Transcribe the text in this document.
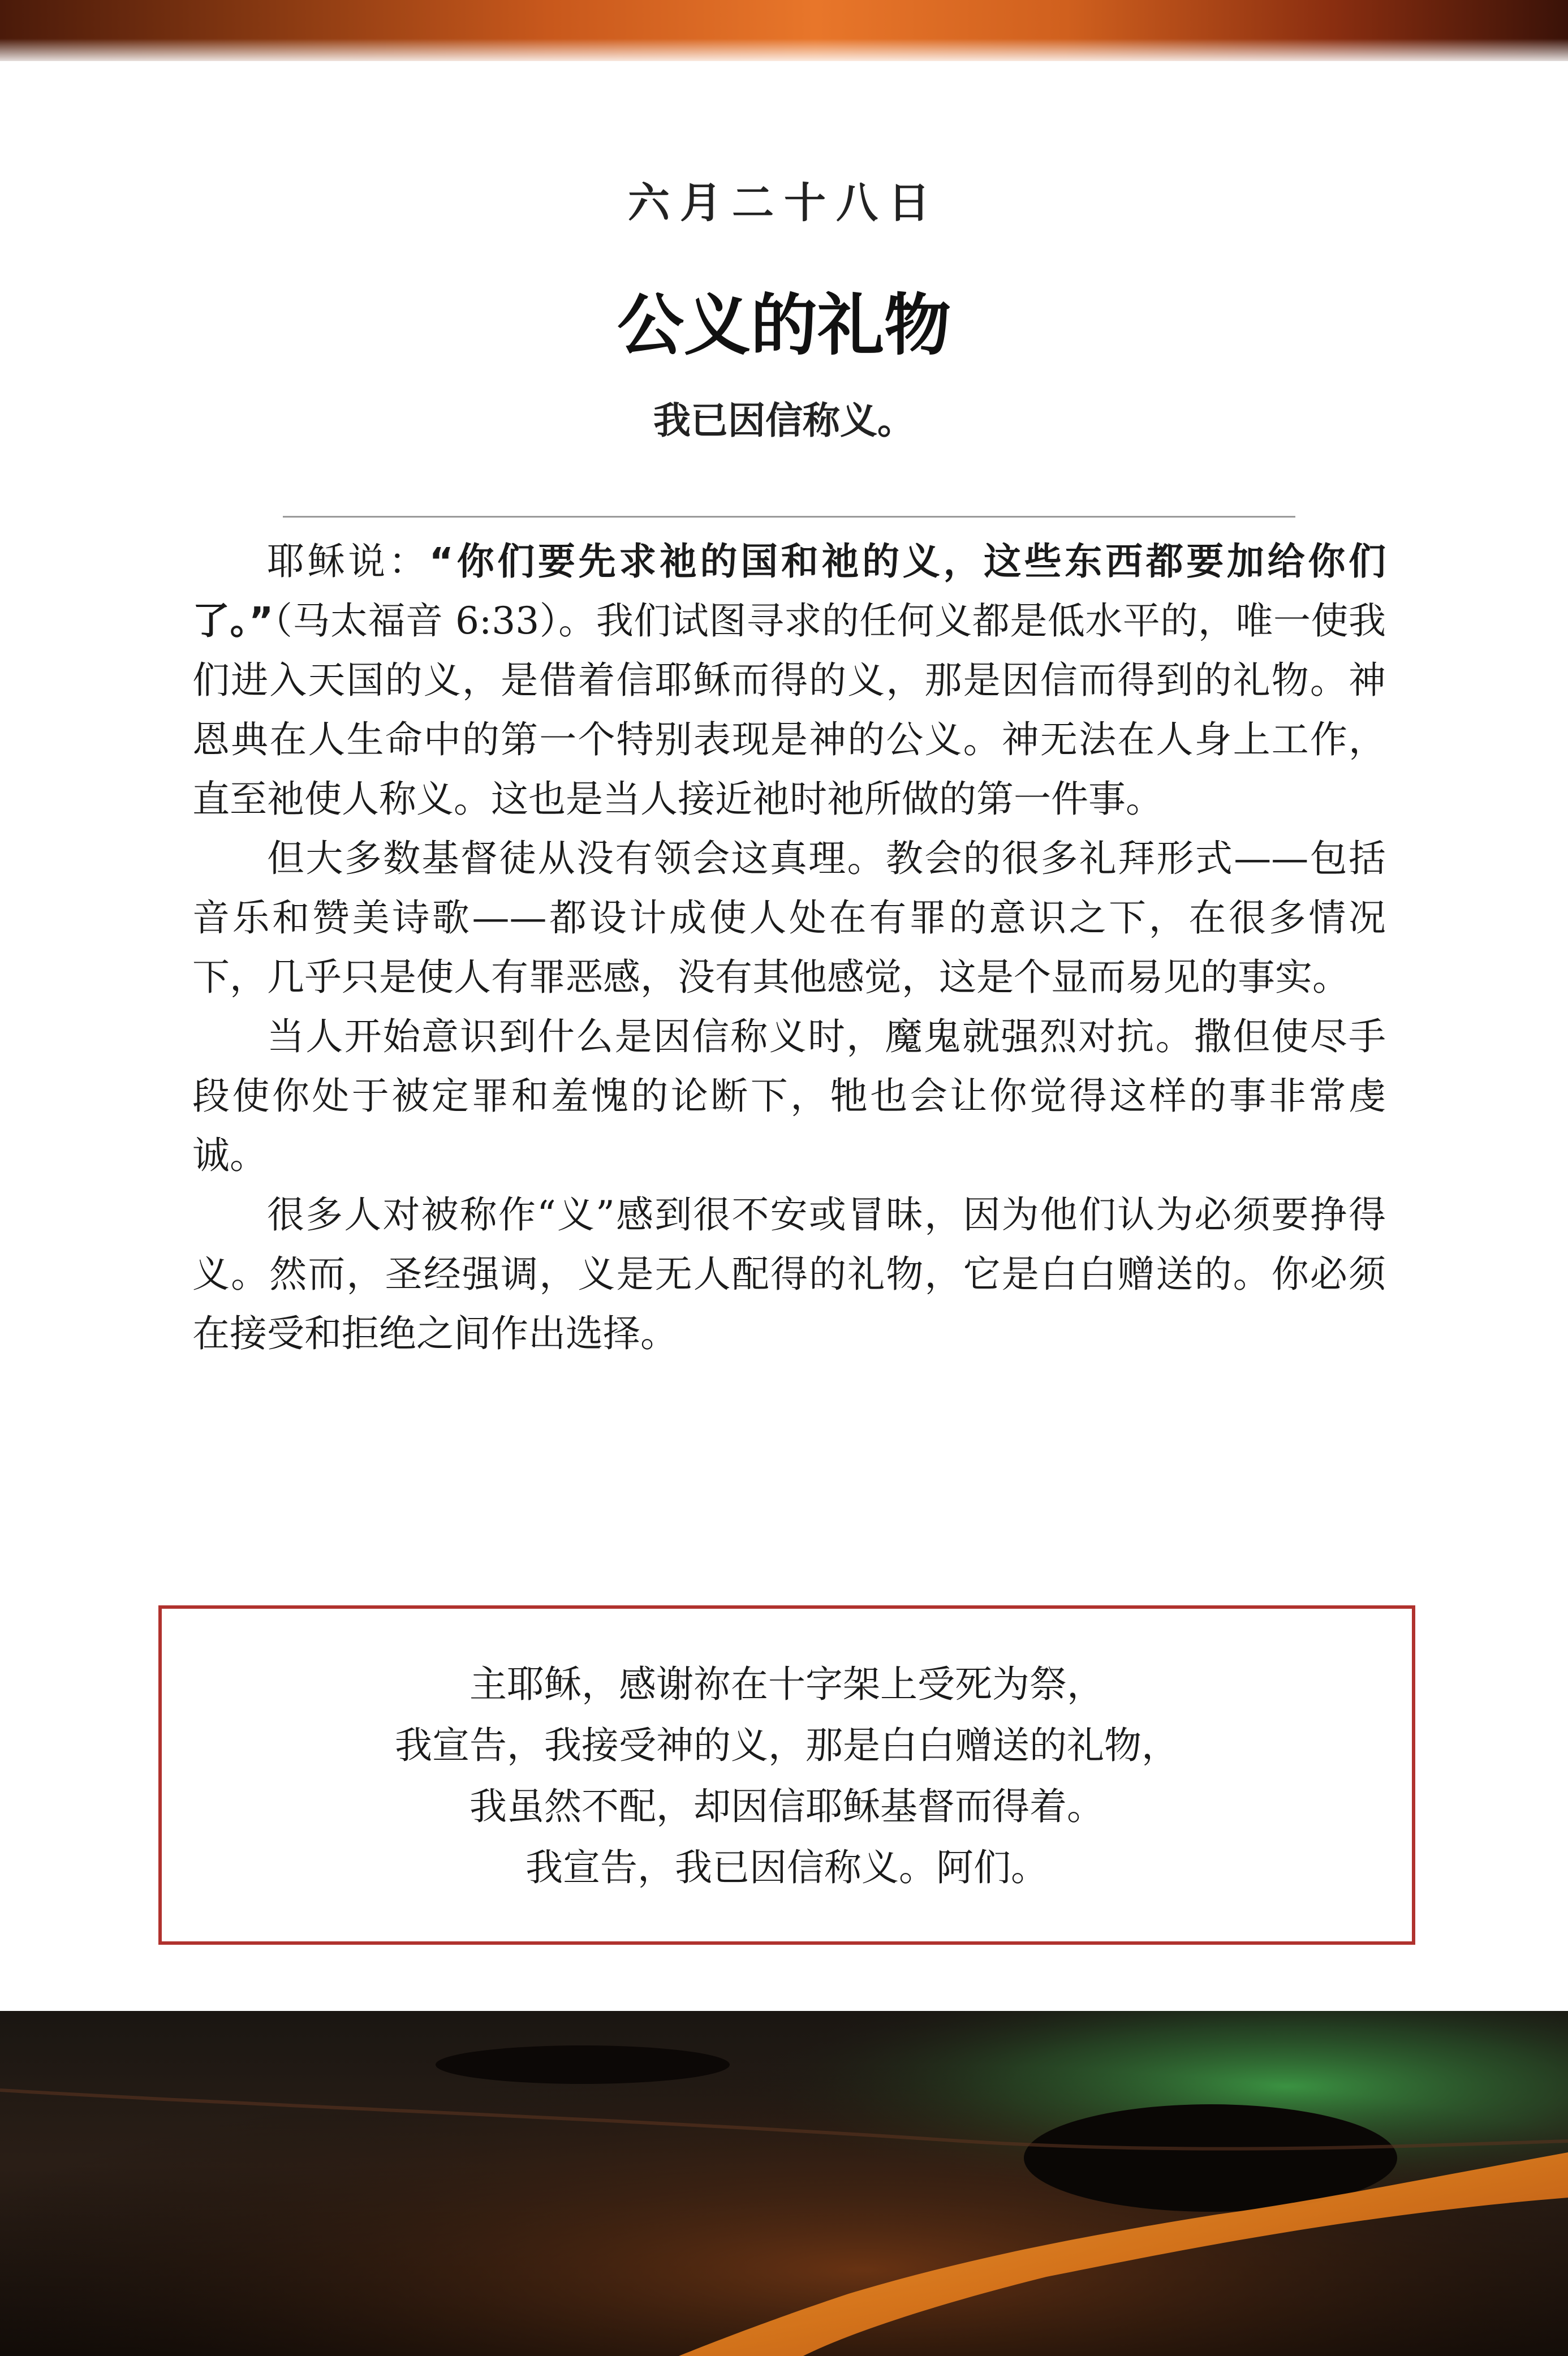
六月二十八日
公义的礼物
我已因信称义。

耶稣说：“你们要先求祂的国和祂的义，这些东西都要加给你们了。”（马太福音 6:33）。我们试图寻求的任何义都是低水平的，唯一使我们进入天国的义，是借着信耶稣而得的义，那是因信而得到的礼物。神恩典在人生命中的第一个特别表现是神的公义。神无法在人身上工作，直至祂使人称义。这也是当人接近祂时祂所做的第一件事。

但大多数基督徒从没有领会这真理。教会的很多礼拜形式——包括音乐和赞美诗歌——都设计成使人处在有罪的意识之下，在很多情况下，几乎只是使人有罪恶感，没有其他感觉，这是个显而易见的事实。

当人开始意识到什么是因信称义时，魔鬼就强烈对抗。撒但使尽手段使你处于被定罪和羞愧的论断下，牠也会让你觉得这样的事非常虔诚。

很多人对被称作“义”感到很不安或冒昧，因为他们认为必须要挣得义。然而，圣经强调，义是无人配得的礼物，它是白白赠送的。你必须在接受和拒绝之间作出选择。

主耶稣，感谢祢在十字架上受死为祭，
我宣告，我接受神的义，那是白白赠送的礼物，
我虽然不配，却因信耶稣基督而得着。
我宣告，我已因信称义。阿们。
